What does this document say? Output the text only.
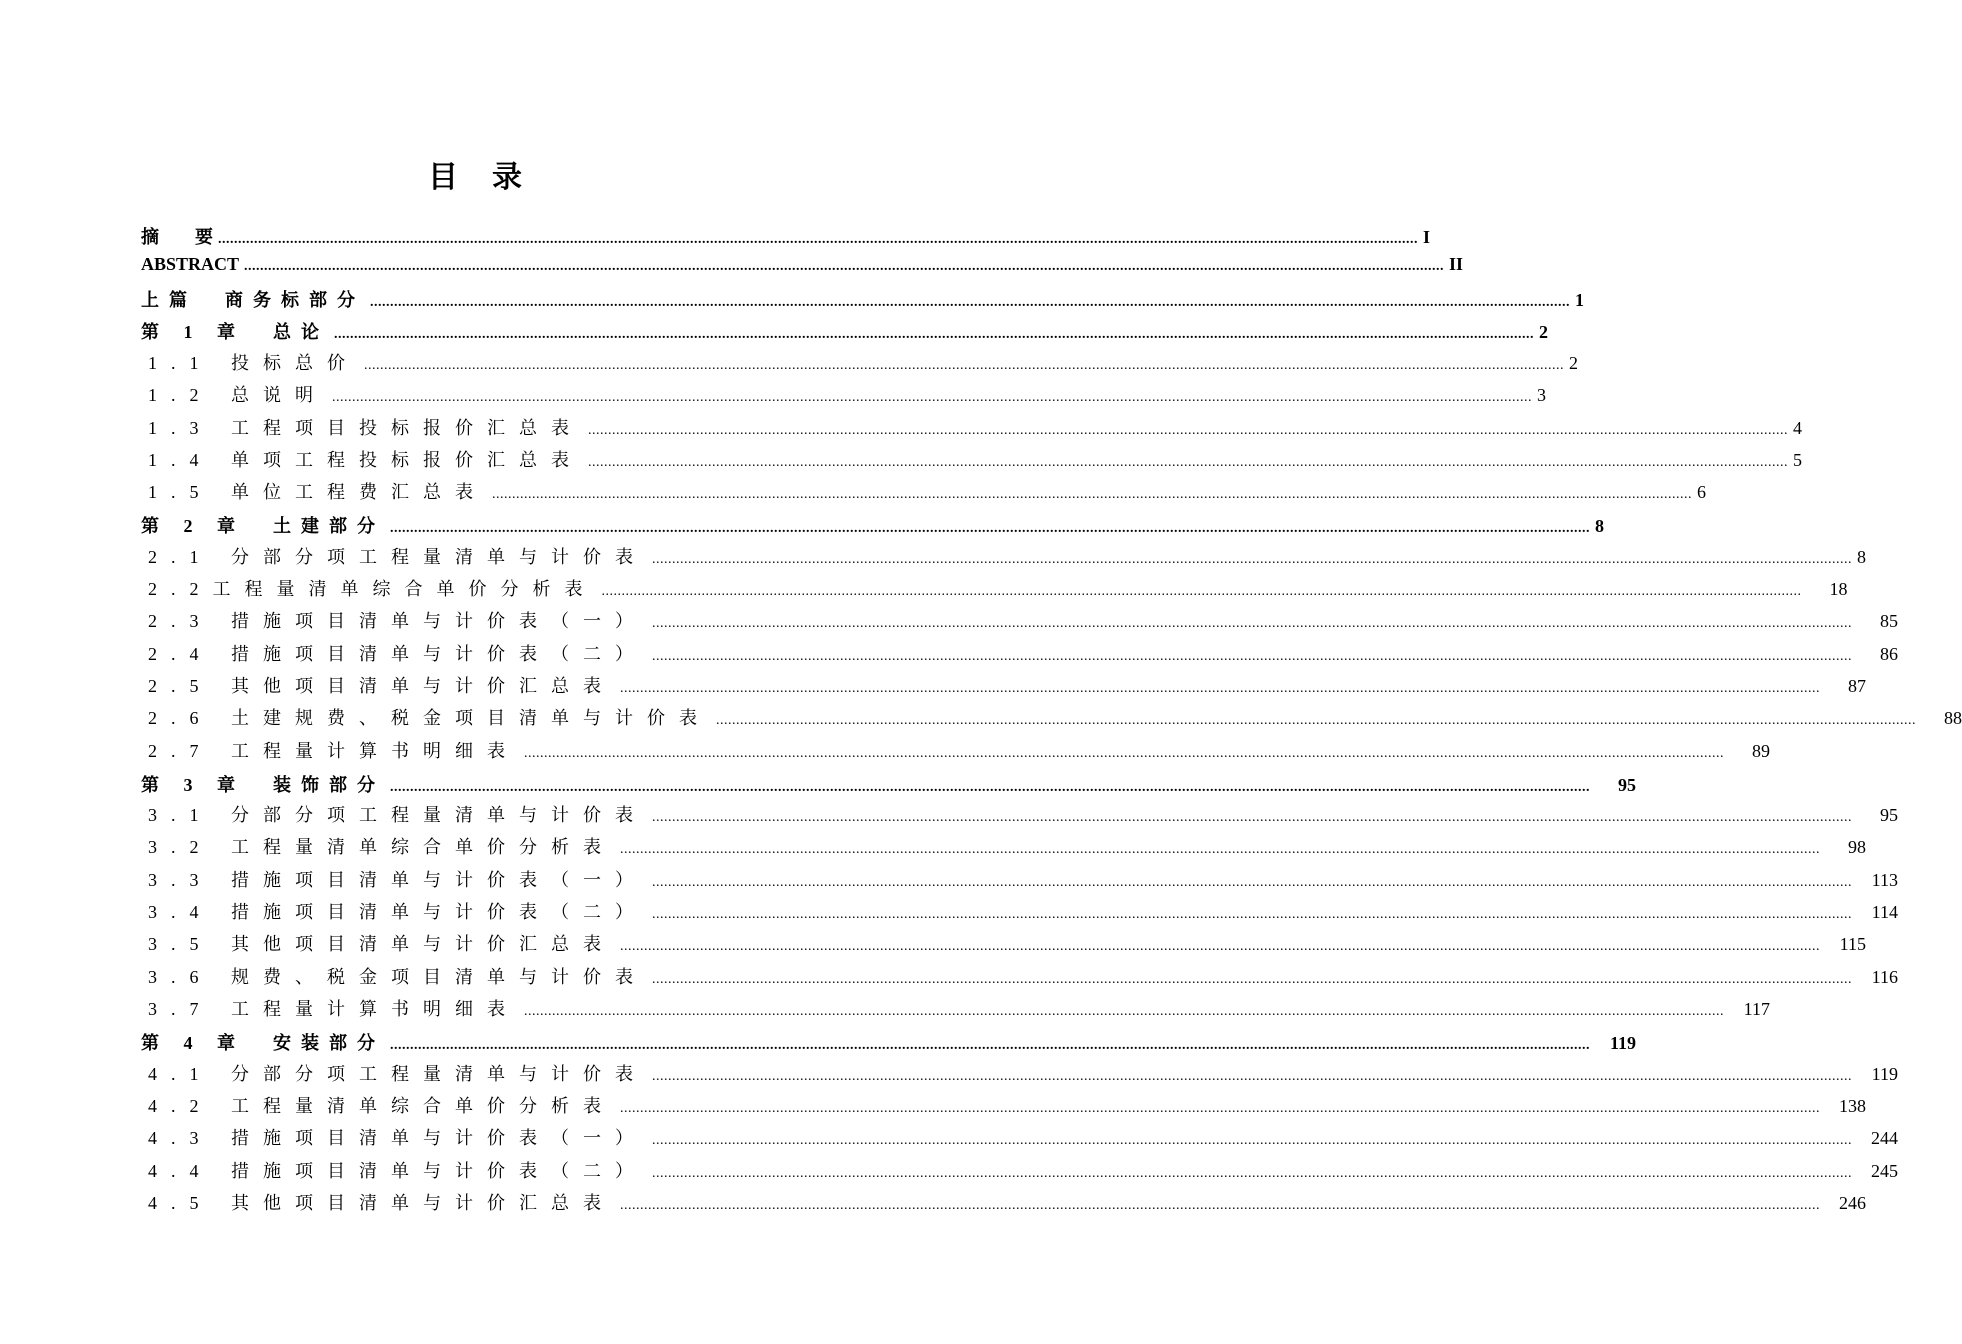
目 录
摘　　要 ............................................................................................................................................................................................................................................................................................................ I
ABSTRACT ............................................................................................................................................................................................................................................................................................................ II
上篇　商务标部分 ............................................................................................................................................................................................................................................................................................................ 1
第 1 章　总论 ............................................................................................................................................................................................................................................................................................................ 2
1.1 投标总价 ............................................................................................................................................................................................................................................................................................................ 2
1.2 总说明 ............................................................................................................................................................................................................................................................................................................ 3
1.3 工程项目投标报价汇总表 ............................................................................................................................................................................................................................................................................................................ 4
1.4 单项工程投标报价汇总表 ............................................................................................................................................................................................................................................................................................................ 5
1.5 单位工程费汇总表 ............................................................................................................................................................................................................................................................................................................ 6
第 2 章　土建部分 ............................................................................................................................................................................................................................................................................................................ 8
2.1 分部分项工程量清单与计价表 ............................................................................................................................................................................................................................................................................................................ 8
2.2工程量清单综合单价分析表 ............................................................................................................................................................................................................................................................................................................	18
2.3 措施项目清单与计价表（一） ............................................................................................................................................................................................................................................................................................................	85
2.4 措施项目清单与计价表（二） ............................................................................................................................................................................................................................................................................................................	86
2.5 其他项目清单与计价汇总表 ............................................................................................................................................................................................................................................................................................................	87
2.6 土建规费、税金项目清单与计价表 ............................................................................................................................................................................................................................................................................................................	88
2.7 工程量计算书明细表 ............................................................................................................................................................................................................................................................................................................	89
第 3 章　装饰部分 ............................................................................................................................................................................................................................................................................................................	95
3.1 分部分项工程量清单与计价表 ............................................................................................................................................................................................................................................................................................................	95
3.2 工程量清单综合单价分析表 ............................................................................................................................................................................................................................................................................................................	98
3.3 措施项目清单与计价表（一） ............................................................................................................................................................................................................................................................................................................	113
3.4 措施项目清单与计价表（二） ............................................................................................................................................................................................................................................................................................................	114
3.5 其他项目清单与计价汇总表 ............................................................................................................................................................................................................................................................................................................	115
3.6 规费、税金项目清单与计价表 ............................................................................................................................................................................................................................................................................................................	116
3.7 工程量计算书明细表 ............................................................................................................................................................................................................................................................................................................	117
第 4 章　安装部分 ............................................................................................................................................................................................................................................................................................................	119
4.1 分部分项工程量清单与计价表 ............................................................................................................................................................................................................................................................................................................	119
4.2 工程量清单综合单价分析表 ............................................................................................................................................................................................................................................................................................................	138
4.3 措施项目清单与计价表（一） ............................................................................................................................................................................................................................................................................................................	244
4.4 措施项目清单与计价表（二） ............................................................................................................................................................................................................................................................................................................	245
4.5 其他项目清单与计价汇总表 ............................................................................................................................................................................................................................................................................................................	246
